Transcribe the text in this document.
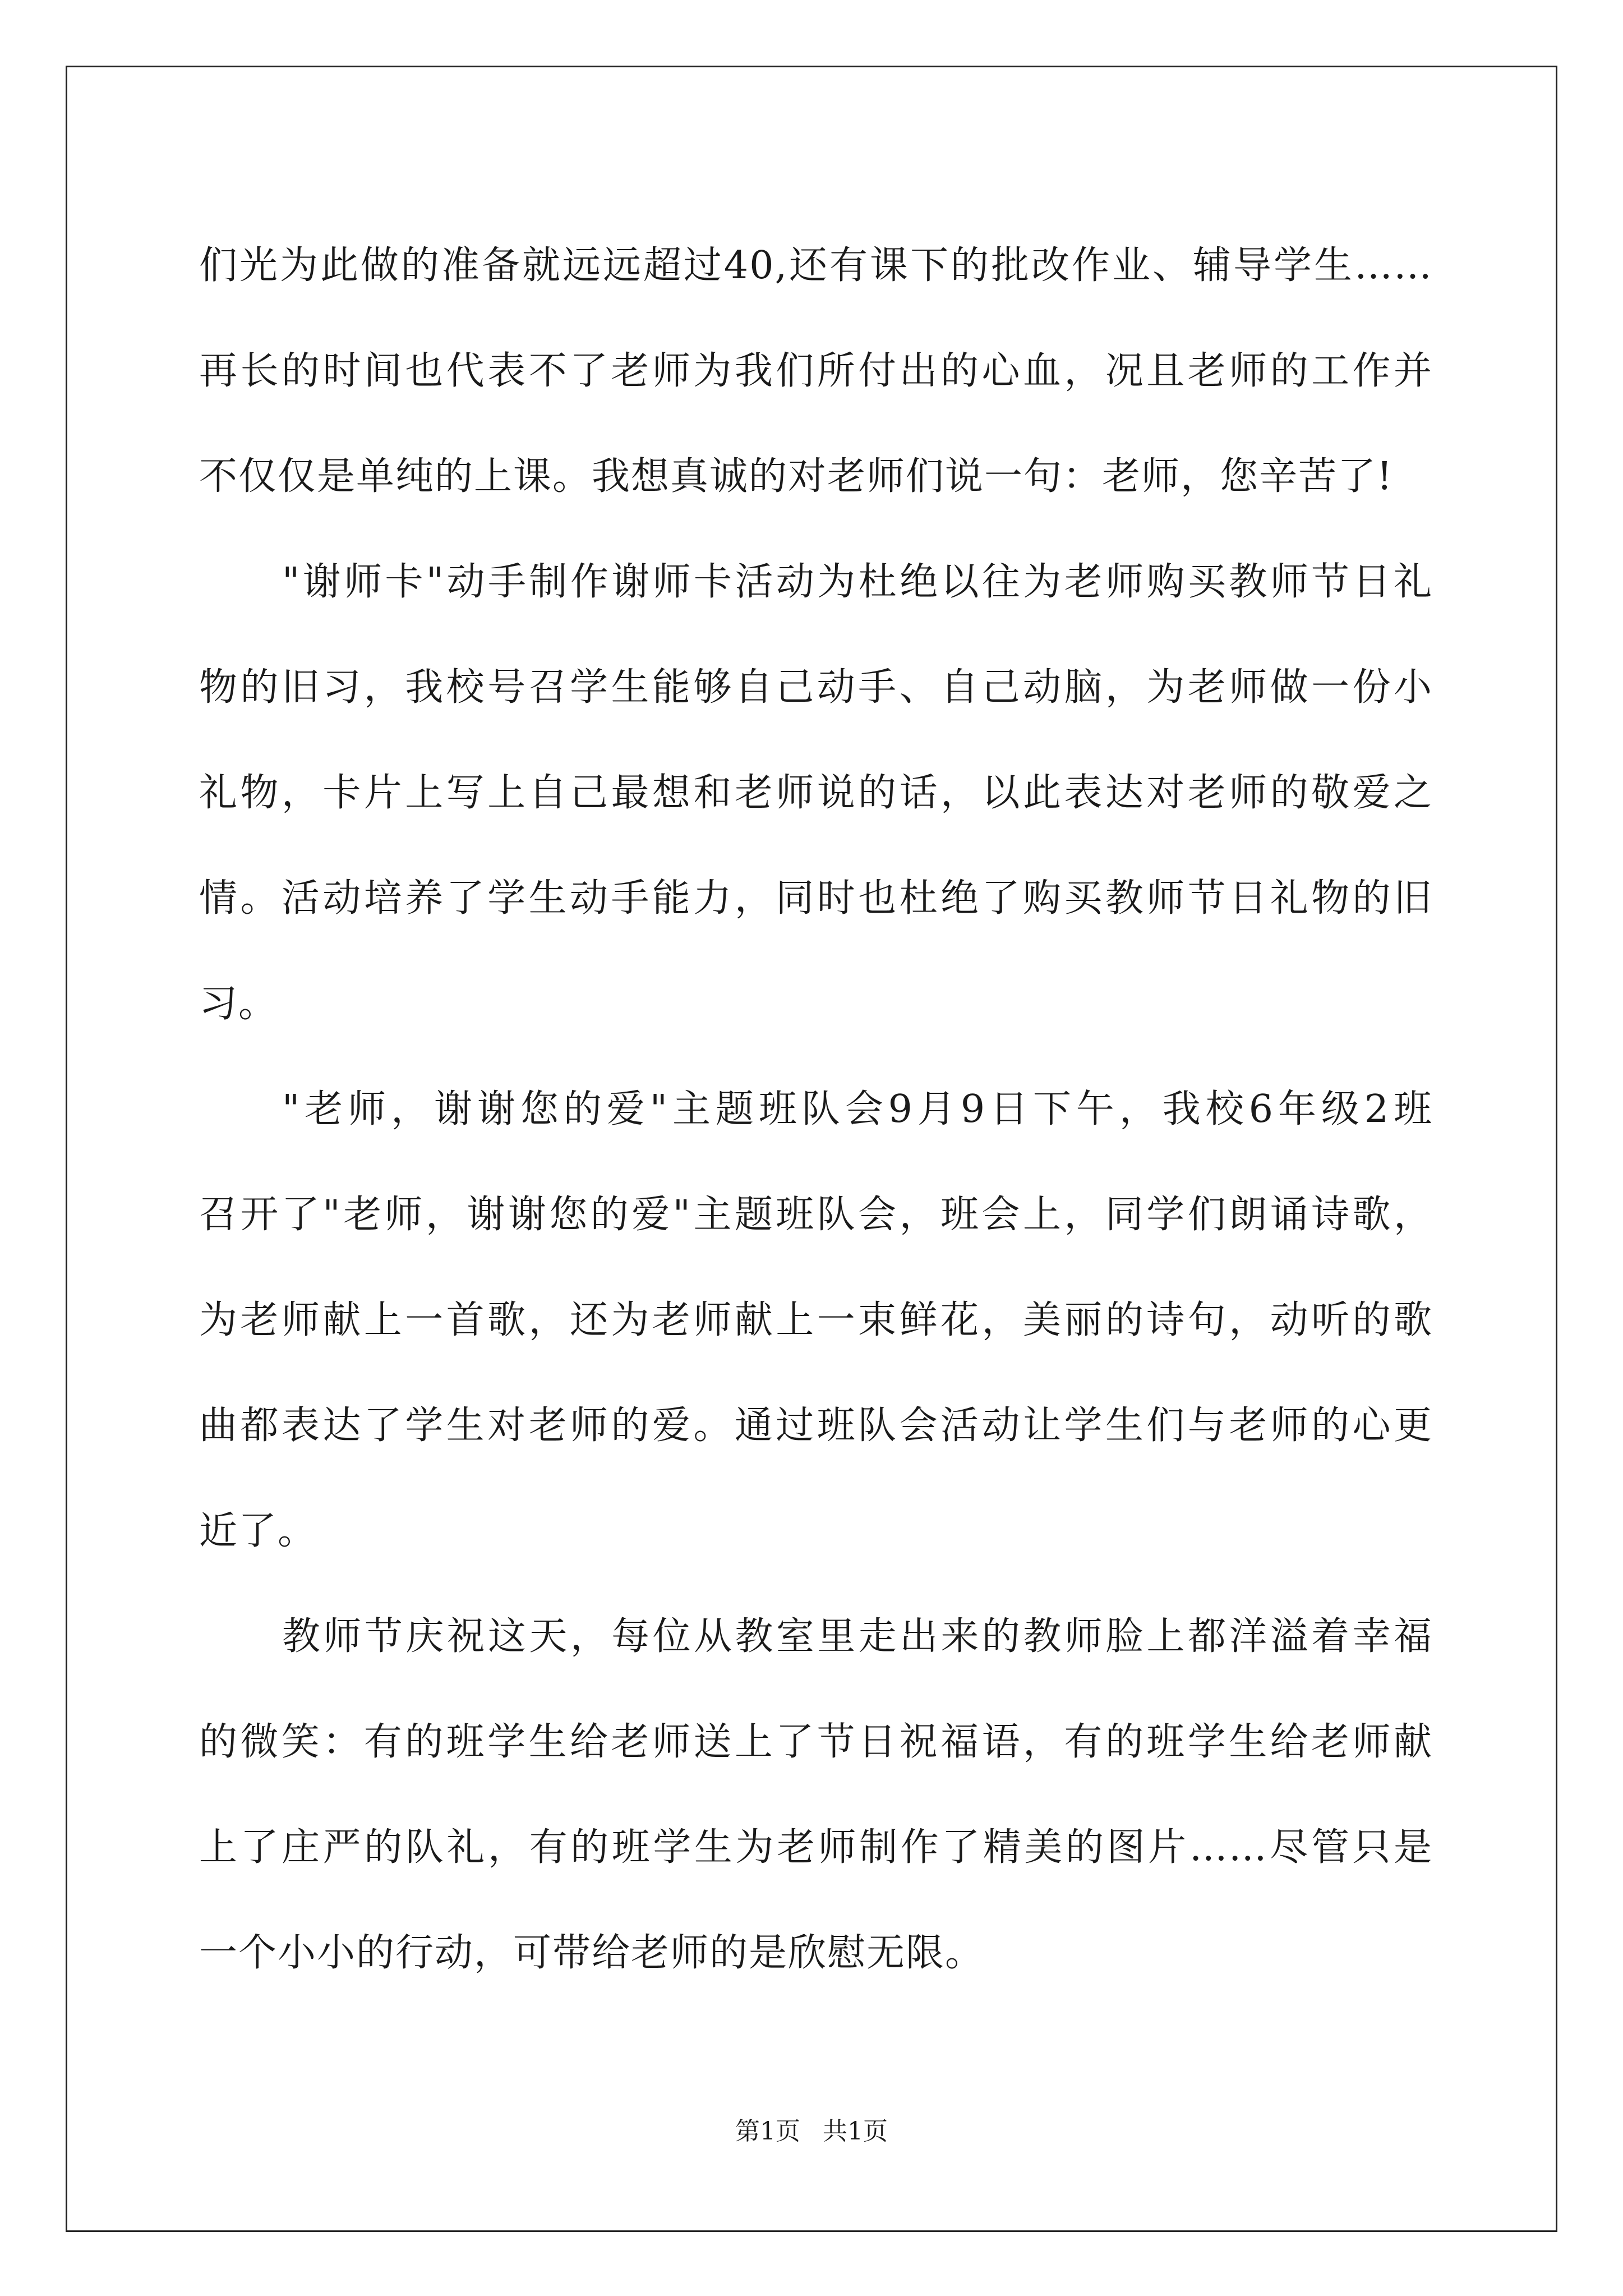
们光为此做的准备就远远超过40,还有课下的批改作业、辅导学生……
再长的时间也代表不了老师为我们所付出的心血，况且老师的工作并
不仅仅是单纯的上课。我想真诚的对老师们说一句：老师，您辛苦了!
"谢师卡"动手制作谢师卡活动为杜绝以往为老师购买教师节日礼
物的旧习，我校号召学生能够自己动手、自己动脑，为老师做一份小
礼物，卡片上写上自己最想和老师说的话，以此表达对老师的敬爱之
情。活动培养了学生动手能力，同时也杜绝了购买教师节日礼物的旧
习。
"老师，谢谢您的爱"主题班队会9月9日下午，我校6年级2班
召开了"老师，谢谢您的爱"主题班队会，班会上，同学们朗诵诗歌，
为老师献上一首歌，还为老师献上一束鲜花，美丽的诗句，动听的歌
曲都表达了学生对老师的爱。通过班队会活动让学生们与老师的心更
近了。
教师节庆祝这天，每位从教室里走出来的教师脸上都洋溢着幸福
的微笑：有的班学生给老师送上了节日祝福语，有的班学生给老师献
上了庄严的队礼，有的班学生为老师制作了精美的图片……尽管只是
一个小小的行动，可带给老师的是欣慰无限。
第1页 共1页
